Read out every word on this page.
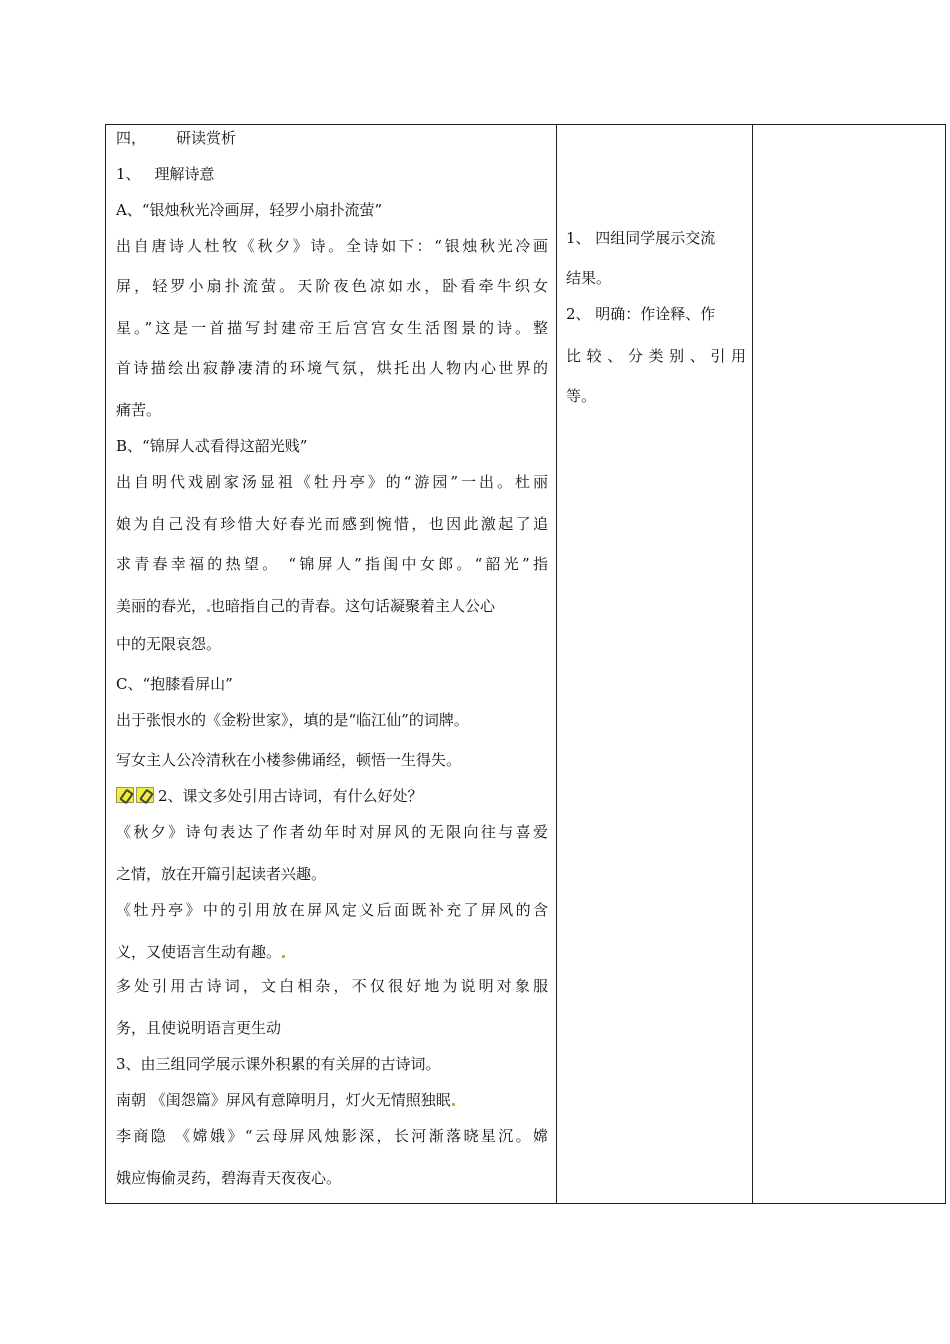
四， 研读赏析
1、 理解诗意
A、“银烛秋光冷画屏，轻罗小扇扑流萤”
出自唐诗人杜牧《秋夕》诗。全诗如下：“银烛秋光冷画
屏，轻罗小扇扑流萤。天阶夜色凉如水，卧看牵牛织女
星。”这是一首描写封建帝王后宫宫女生活图景的诗。整
首诗描绘出寂静凄清的环境气氛，烘托出人物内心世界的
痛苦。
B、“锦屏人忒看得这韶光贱”
出自明代戏剧家汤显祖《牡丹亭》的“游园”一出。杜丽
娘为自己没有珍惜大好春光而感到惋惜，也因此激起了追
求青春幸福的热望。 “锦屏人”指闺中女郎。“韶光”指
美丽的春光， 也暗指自己的青春。这句话凝聚着主人公心
中的无限哀怨。
C、“抱膝看屏山”
出于张恨水的《金粉世家》，填的是“临江仙”的词牌。
写女主人公冷清秋在小楼参佛诵经，顿悟一生得失。
2、课文多处引用古诗词，有什么好处？
《秋夕》诗句表达了作者幼年时对屏风的无限向往与喜爱
之情，放在开篇引起读者兴趣。
《牡丹亭》中的引用放在屏风定义后面既补充了屏风的含
义，又使语言生动有趣。
多处引用古诗词，文白相杂，不仅很好地为说明对象服
务，且使说明语言更生动
3、由三组同学展示课外积累的有关屏的古诗词。
南朝 《闺怨篇》屏风有意障明月，灯火无情照独眠
李商隐 《嫦娥》“云母屏风烛影深，长河渐落晓星沉。嫦
娥应悔偷灵药，碧海青天夜夜心。
1、 四组同学展示交流
结果。
2、 明确：作诠释、作
比较、分类别、引用
等。
